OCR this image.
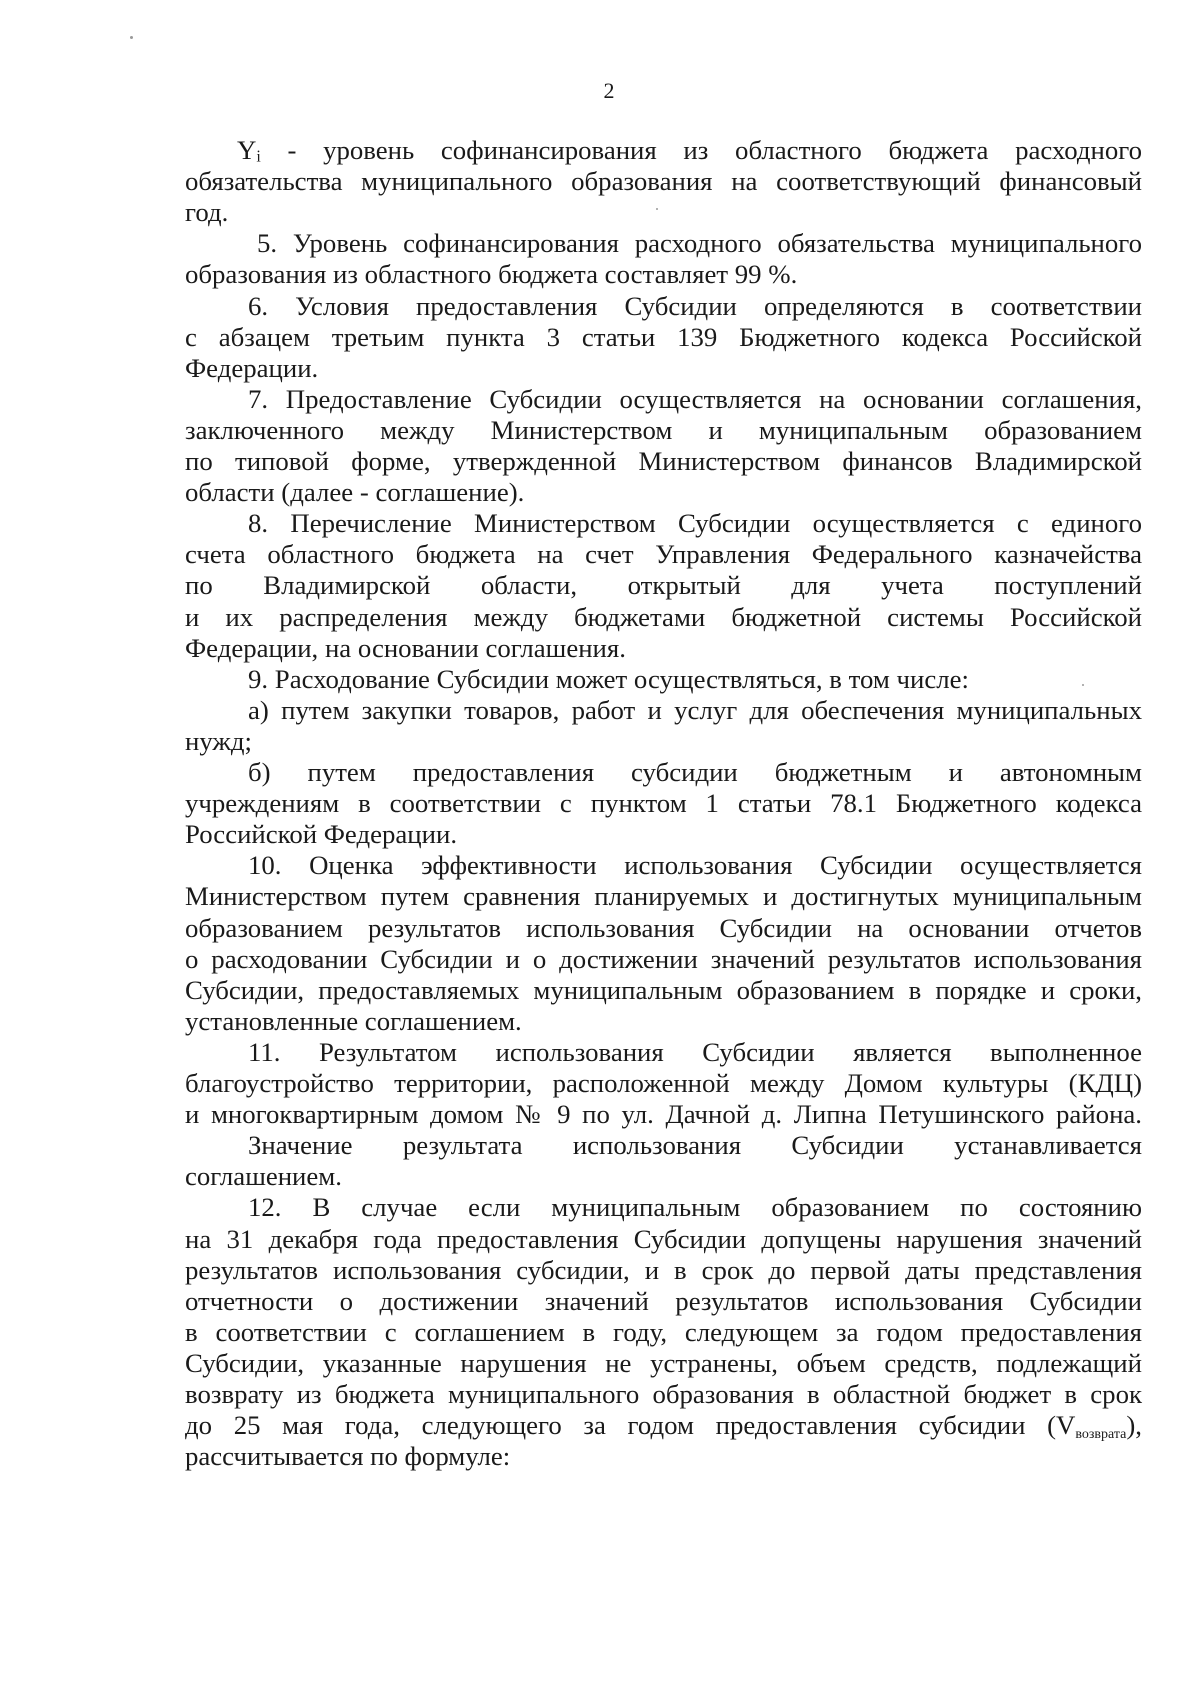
2
Yᵢ - уровень софинансирования из областного бюджета расходного
обязательства муниципального образования на соответствующий финансовый
год.
5. Уровень софинансирования расходного обязательства муниципального
образования из областного бюджета составляет 99 %.
6. Условия предоставления Субсидии определяются в соответствии
с абзацем третьим пункта 3 статьи 139 Бюджетного кодекса Российской
Федерации.
7. Предоставление Субсидии осуществляется на основании соглашения,
заключенного между Министерством и муниципальным образованием
по типовой форме, утвержденной Министерством финансов Владимирской
области (далее - соглашение).
8. Перечисление Министерством Субсидии осуществляется с единого
счета областного бюджета на счет Управления Федерального казначейства
по Владимирской области, открытый для учета поступлений
и их распределения между бюджетами бюджетной системы Российской
Федерации, на основании соглашения.
9. Расходование Субсидии может осуществляться, в том числе:
а) путем закупки товаров, работ и услуг для обеспечения муниципальных
нужд;
б) путем предоставления субсидии бюджетным и автономным
учреждениям в соответствии с пунктом 1 статьи 78.1 Бюджетного кодекса
Российской Федерации.
10. Оценка эффективности использования Субсидии осуществляется
Министерством путем сравнения планируемых и достигнутых муниципальным
образованием результатов использования Субсидии на основании отчетов
о расходовании Субсидии и о достижении значений результатов использования
Субсидии, предоставляемых муниципальным образованием в порядке и сроки,
установленные соглашением.
11. Результатом использования Субсидии является выполненное
благоустройство территории, расположенной между Домом культуры (КДЦ)
и многоквартирным домом № 9 по ул. Дачной д. Липна Петушинского района.
Значение результата использования Субсидии устанавливается
соглашением.
12. В случае если муниципальным образованием по состоянию
на 31 декабря года предоставления Субсидии допущены нарушения значений
результатов использования субсидии, и в срок до первой даты представления
отчетности о достижении значений результатов использования Субсидии
в соответствии с соглашением в году, следующем за годом предоставления
Субсидии, указанные нарушения не устранены, объем средств, подлежащий
возврату из бюджета муниципального образования в областной бюджет в срок
до 25 мая года, следующего за годом предоставления субсидии (Vвозврата),
рассчитывается по формуле:
